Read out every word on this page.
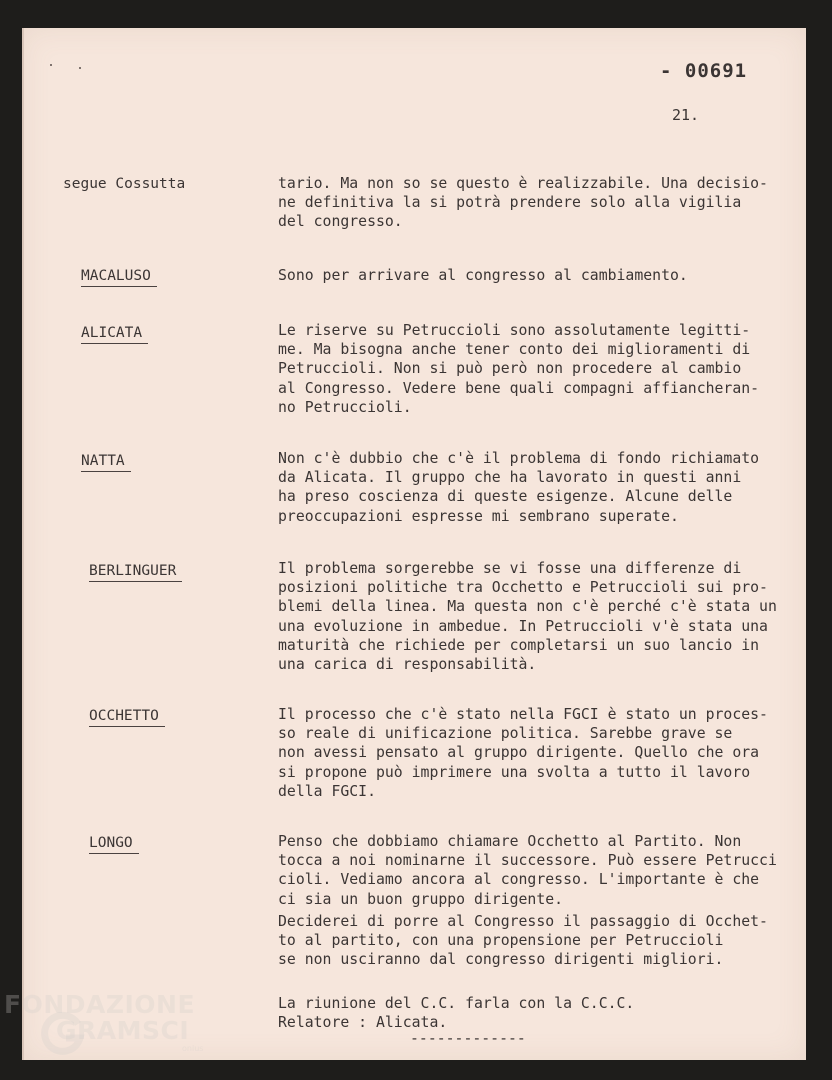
- 00691
21.
segue Cossutta	tario. Ma non so se questo è realizzabile. Una decisio-
ne definitiva la si potrà prendere solo alla vigilia
del congresso.
MACALUSO	Sono per arrivare al congresso al cambiamento.
ALICATA	Le riserve su Petruccioli sono assolutamente legitti-
me. Ma bisogna anche tener conto dei miglioramenti di
Petruccioli. Non si può però non procedere al cambio
al Congresso. Vedere bene quali compagni affiancheran-
no Petruccioli.
NATTA	Non c'è dubbio che c'è il problema di fondo richiamato
da Alicata. Il gruppo che ha lavorato in questi anni
ha preso coscienza di queste esigenze. Alcune delle
preoccupazioni espresse mi sembrano superate.
BERLINGUER	Il problema sorgerebbe se vi fosse una differenze di
posizioni politiche tra Occhetto e Petruccioli sui pro-
blemi della linea. Ma questa non c'è perché c'è stata un
una evoluzione in ambedue. In Petruccioli v'è stata una
maturità che richiede per completarsi un suo lancio in
una carica di responsabilità.
OCCHETTO	Il processo che c'è stato nella FGCI è stato un proces-
so reale di unificazione politica. Sarebbe grave se
non avessi pensato al gruppo dirigente. Quello che ora
si propone può imprimere una svolta a tutto il lavoro
della FGCI.
LONGO	Penso che dobbiamo chiamare Occhetto al Partito. Non
tocca a noi nominarne il successore. Può essere Petrucci
cioli. Vediamo ancora al congresso. L'importante è che
ci sia un buon gruppo dirigente.
Deciderei di porre al Congresso il passaggio di Occhet-
to al partito, con una propensione per Petruccioli
se non usciranno dal congresso dirigenti migliori.
La riunione del C.C. farla con la C.C.C.
Relatore : Alicata.
-------------
FONDAZIONE
GRAMSCI
onlus
